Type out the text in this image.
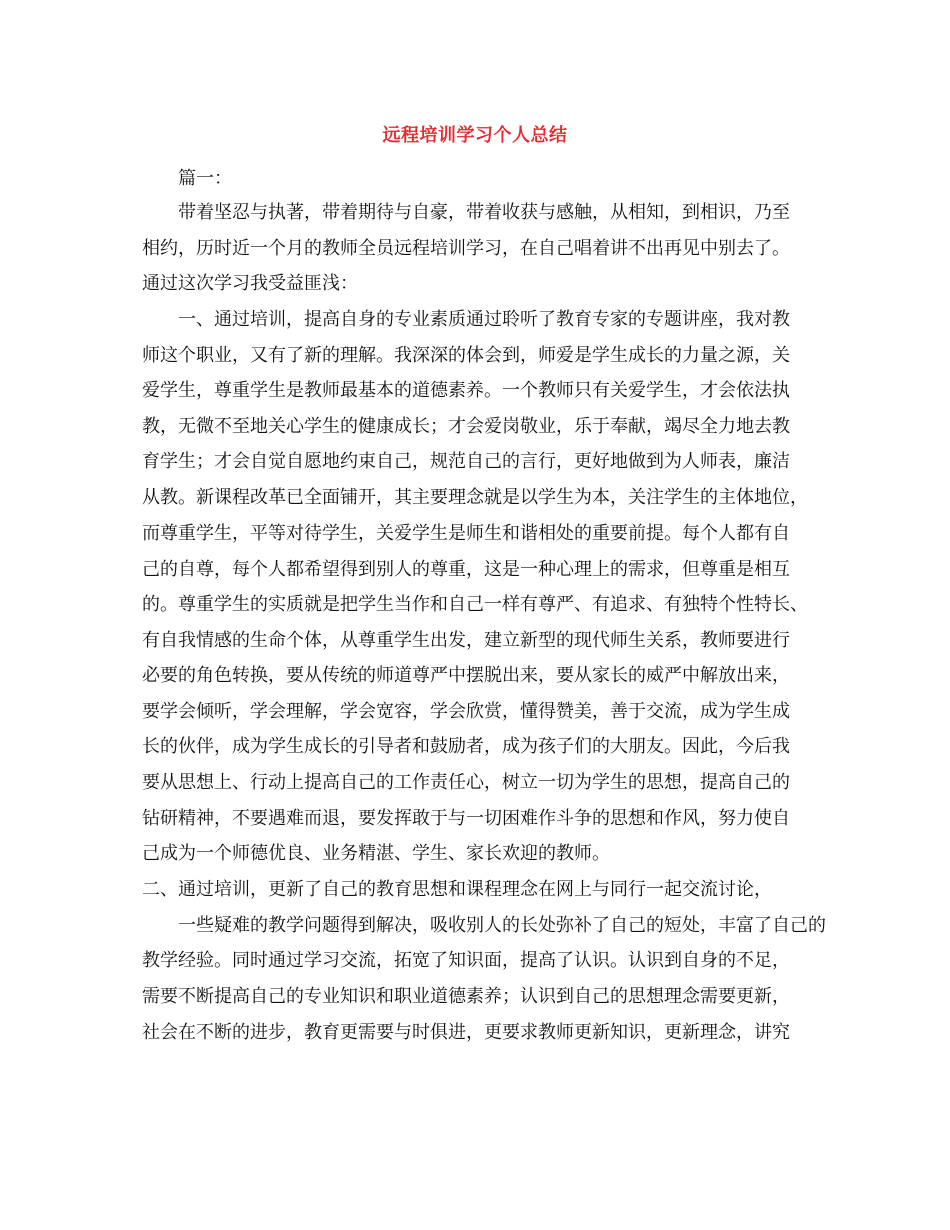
远程培训学习个人总结
篇一：
带着坚忍与执著，带着期待与自豪，带着收获与感触，从相知，到相识，乃至
相约，历时近一个月的教师全员远程培训学习，在自己唱着讲不出再见中别去了。
通过这次学习我受益匪浅：
一、通过培训，提高自身的专业素质通过聆听了教育专家的专题讲座，我对教
师这个职业，又有了新的理解。我深深的体会到，师爱是学生成长的力量之源，关
爱学生，尊重学生是教师最基本的道德素养。一个教师只有关爱学生，才会依法执
教，无微不至地关心学生的健康成长；才会爱岗敬业，乐于奉献，竭尽全力地去教
育学生；才会自觉自愿地约束自己，规范自己的言行，更好地做到为人师表，廉洁
从教。新课程改革已全面铺开，其主要理念就是以学生为本，关注学生的主体地位，
而尊重学生，平等对待学生，关爱学生是师生和谐相处的重要前提。每个人都有自
己的自尊，每个人都希望得到别人的尊重，这是一种心理上的需求，但尊重是相互
的。尊重学生的实质就是把学生当作和自己一样有尊严、有追求、有独特个性特长、
有自我情感的生命个体，从尊重学生出发，建立新型的现代师生关系，教师要进行
必要的角色转换，要从传统的师道尊严中摆脱出来，要从家长的威严中解放出来，
要学会倾听，学会理解，学会宽容，学会欣赏，懂得赞美，善于交流，成为学生成
长的伙伴，成为学生成长的引导者和鼓励者，成为孩子们的大朋友。因此，今后我
要从思想上、行动上提高自己的工作责任心，树立一切为学生的思想，提高自己的
钻研精神，不要遇难而退，要发挥敢于与一切困难作斗争的思想和作风，努力使自
己成为一个师德优良、业务精湛、学生、家长欢迎的教师。
二、通过培训，更新了自己的教育思想和课程理念在网上与同行一起交流讨论，
一些疑难的教学问题得到解决，吸收别人的长处弥补了自己的短处，丰富了自己的
教学经验。同时通过学习交流，拓宽了知识面，提高了认识。认识到自身的不足，
需要不断提高自己的专业知识和职业道德素养；认识到自己的思想理念需要更新，
社会在不断的进步，教育更需要与时俱进，更要求教师更新知识，更新理念，讲究
